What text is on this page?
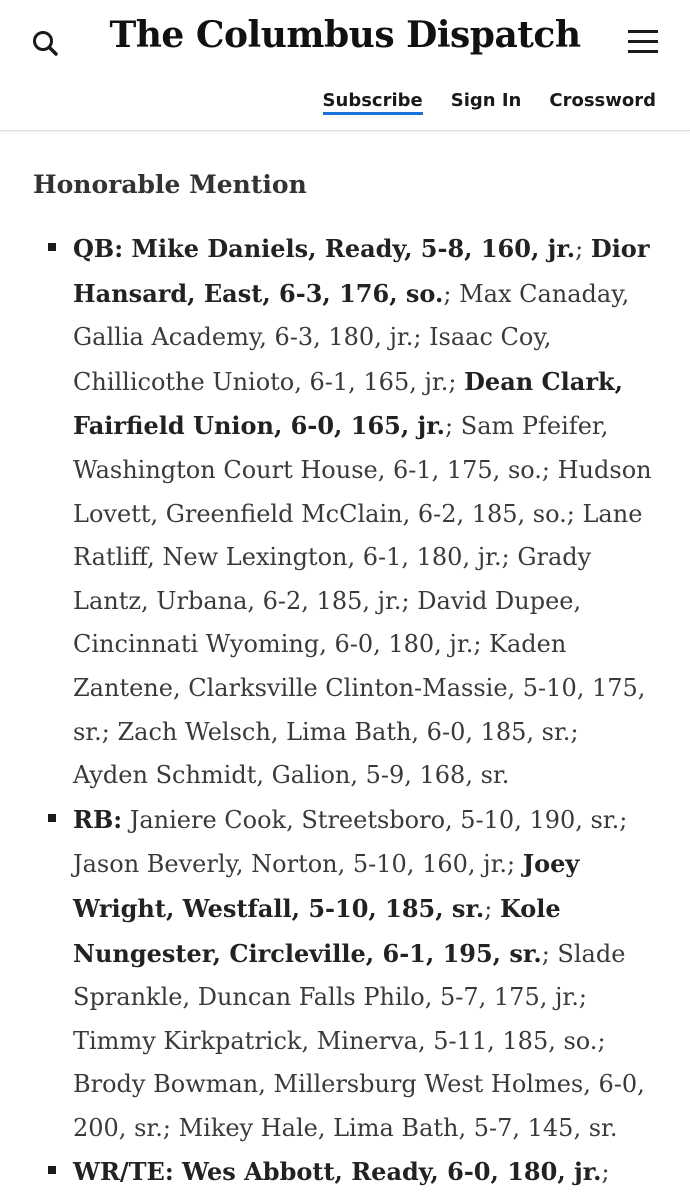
The Columbus Dispatch
Subscribe Sign In Crossword
Honorable Mention
QB: Mike Daniels, Ready, 5-8, 160, jr.; Dior Hansard, East, 6-3, 176, so.; Max Canaday, Gallia Academy, 6-3, 180, jr.; Isaac Coy, Chillicothe Unioto, 6-1, 165, jr.; Dean Clark, Fairfield Union, 6-0, 165, jr.; Sam Pfeifer, Washington Court House, 6-1, 175, so.; Hudson Lovett, Greenfield McClain, 6-2, 185, so.; Lane Ratliff, New Lexington, 6-1, 180, jr.; Grady Lantz, Urbana, 6-2, 185, jr.; David Dupee, Cincinnati Wyoming, 6-0, 180, jr.; Kaden Zantene, Clarksville Clinton-Massie, 5-10, 175, sr.; Zach Welsch, Lima Bath, 6-0, 185, sr.; Ayden Schmidt, Galion, 5-9, 168, sr.
RB: Janiere Cook, Streetsboro, 5-10, 190, sr.; Jason Beverly, Norton, 5-10, 160, jr.; Joey Wright, Westfall, 5-10, 185, sr.; Kole Nungester, Circleville, 6-1, 195, sr.; Slade Sprankle, Duncan Falls Philo, 5-7, 175, jr.; Timmy Kirkpatrick, Minerva, 5-11, 185, so.; Brody Bowman, Millersburg West Holmes, 6-0, 200, sr.; Mikey Hale, Lima Bath, 5-7, 145, sr.
WR/TE: Wes Abbott, Ready, 6-0, 180, jr.;
